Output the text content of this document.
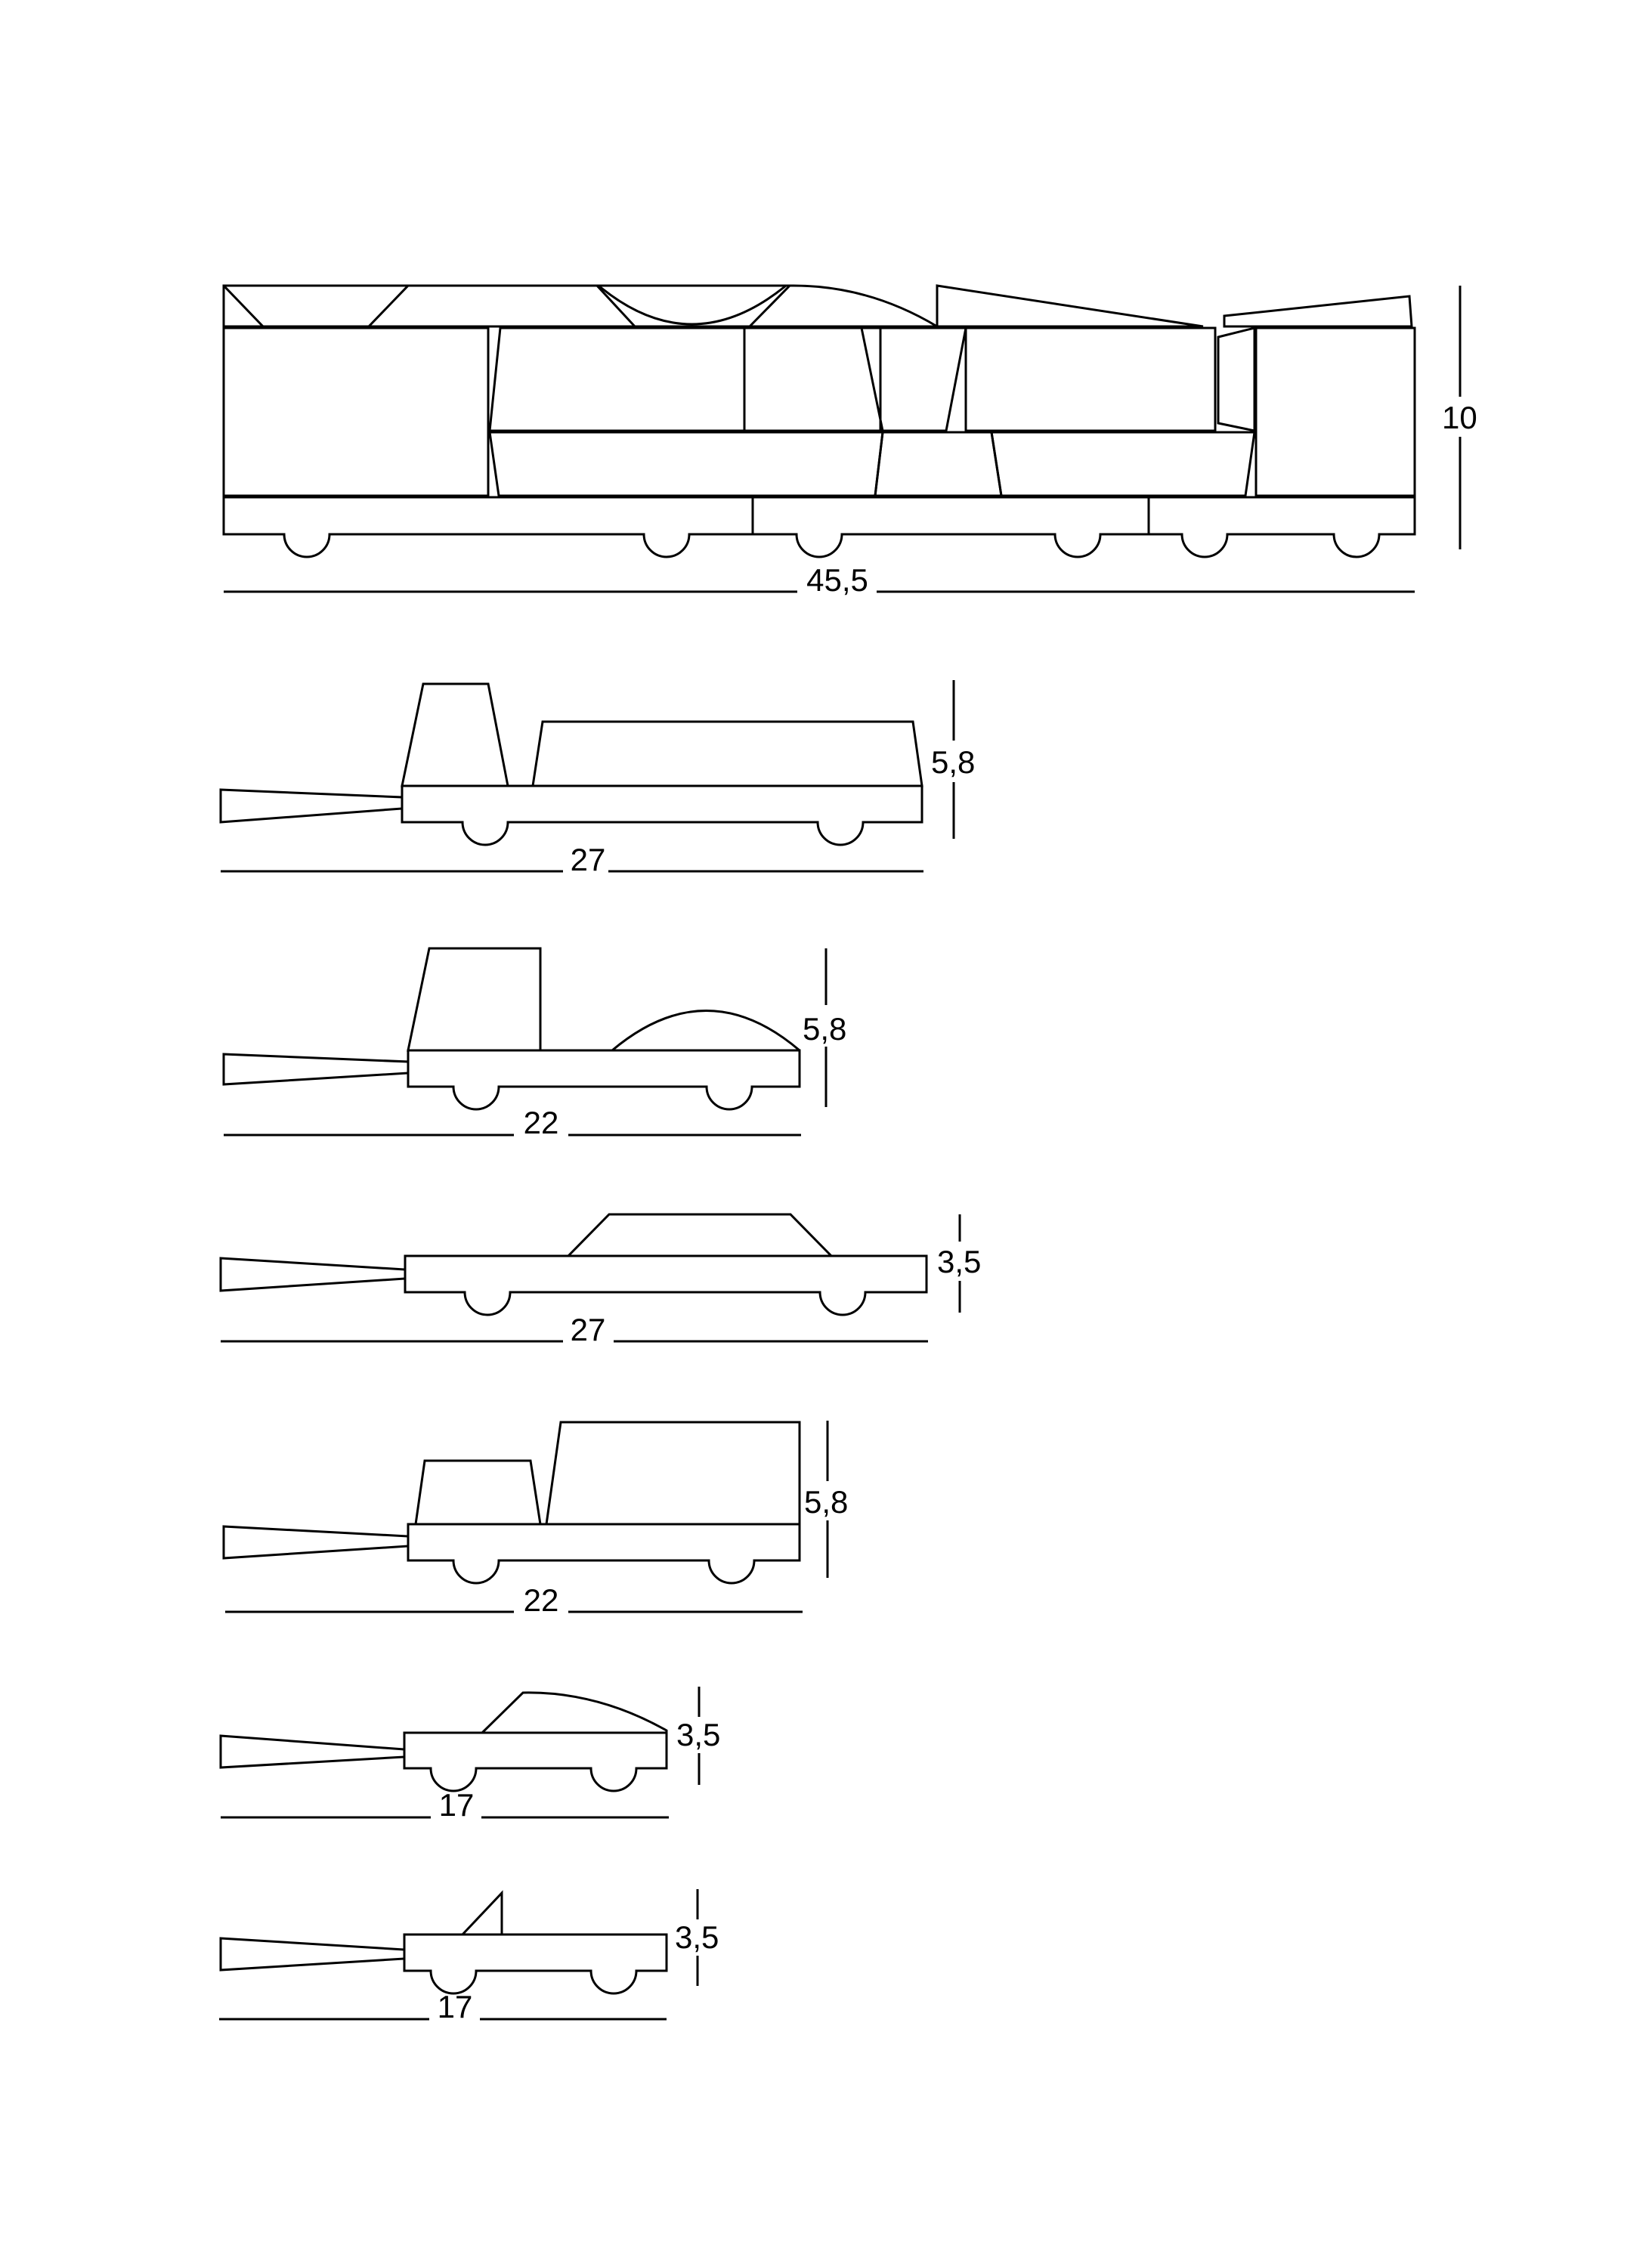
45,5
10
27
5,8
22
5,8
27
3,5
22
5,8
17
3,5
17
3,5
